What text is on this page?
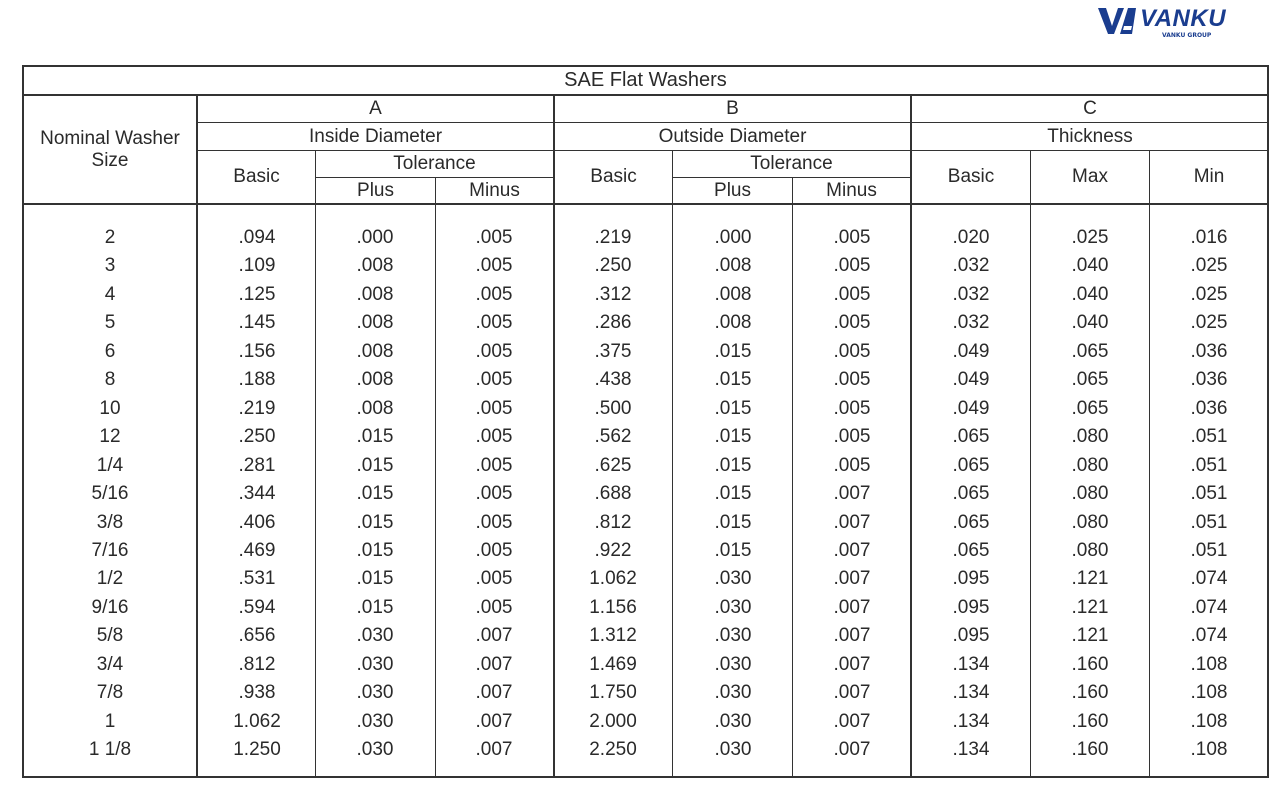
VANKU
VANKU GROUP
SAE Flat Washers
Nominal Washer Size
A	B	C
Inside Diameter	Outside Diameter	Thickness
Basic
Tolerance
Plus	Minus
Basic
Tolerance
Plus	Minus
Basic	Max	Min
2	.094	.000	.005	.219	.000	.005	.020	.025	.016
3	.109	.008	.005	.250	.008	.005	.032	.040	.025
4	.125	.008	.005	.312	.008	.005	.032	.040	.025
5	.145	.008	.005	.286	.008	.005	.032	.040	.025
6	.156	.008	.005	.375	.015	.005	.049	.065	.036
8	.188	.008	.005	.438	.015	.005	.049	.065	.036
10	.219	.008	.005	.500	.015	.005	.049	.065	.036
12	.250	.015	.005	.562	.015	.005	.065	.080	.051
1/4	.281	.015	.005	.625	.015	.005	.065	.080	.051
5/16	.344	.015	.005	.688	.015	.007	.065	.080	.051
3/8	.406	.015	.005	.812	.015	.007	.065	.080	.051
7/16	.469	.015	.005	.922	.015	.007	.065	.080	.051
1/2	.531	.015	.005	1.062	.030	.007	.095	.121	.074
9/16	.594	.015	.005	1.156	.030	.007	.095	.121	.074
5/8	.656	.030	.007	1.312	.030	.007	.095	.121	.074
3/4	.812	.030	.007	1.469	.030	.007	.134	.160	.108
7/8	.938	.030	.007	1.750	.030	.007	.134	.160	.108
1	1.062	.030	.007	2.000	.030	.007	.134	.160	.108
1 1/8	1.250	.030	.007	2.250	.030	.007	.134	.160	.108
